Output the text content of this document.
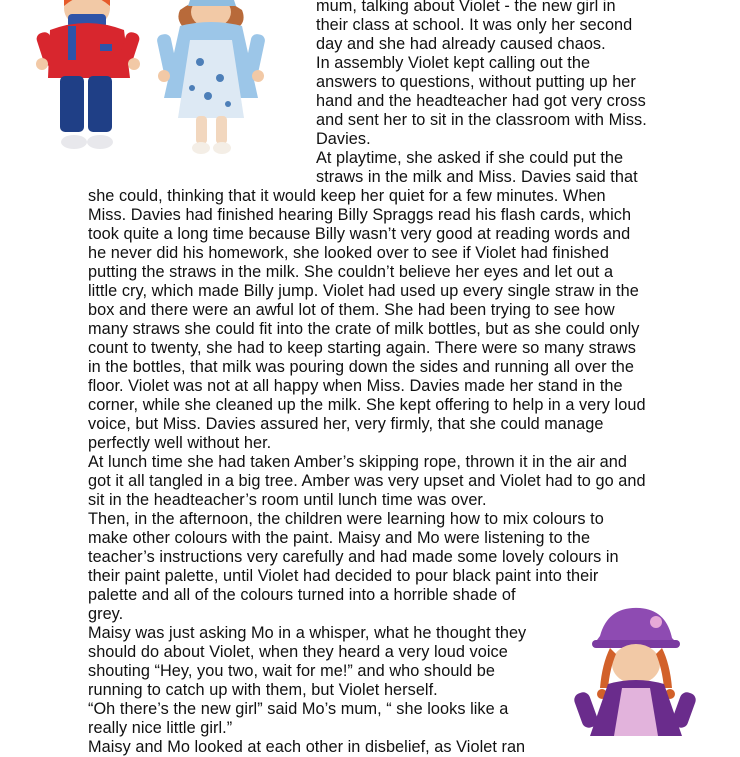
mum, talking about Violet - the new girl in
their class at school. It was only her second
day and she had already caused chaos.
In assembly Violet kept calling out the
answers to questions, without putting up her
hand and the headteacher had got very cross
and sent her to sit in the classroom with Miss.
Davies.
At playtime, she asked if she could put the
straws in the milk and Miss. Davies said that
she could, thinking that it would keep her quiet for a few minutes. When
Miss. Davies had finished hearing Billy Spraggs read his flash cards, which
took quite a long time because Billy wasn’t very good at reading words and
he never did his homework, she looked over to see if Violet had finished
putting the straws in the milk. She couldn’t believe her eyes and let out a
little cry, which made Billy jump. Violet had used up every single straw in the
box and there were an awful lot of them. She had been trying to see how
many straws she could fit into the crate of milk bottles, but as she could only
count to twenty, she had to keep starting again. There were so many straws
in the bottles, that milk was pouring down the sides and running all over the
floor. Violet was not at all happy when Miss. Davies made her stand in the
corner, while she cleaned up the milk. She kept offering to help in a very loud
voice, but Miss. Davies assured her, very firmly, that she could manage
perfectly well without her.
At lunch time she had taken Amber’s skipping rope, thrown it in the air and
got it all tangled in a big tree. Amber was very upset and Violet had to go and
sit in the headteacher’s room until lunch time was over.
Then, in the afternoon, the children were learning how to mix colours to
make other colours with the paint. Maisy and Mo were listening to the
teacher’s instructions very carefully and had made some lovely colours in
their paint palette, until Violet had decided to pour black paint into their
palette and all of the colours turned into a horrible shade of
grey.
Maisy was just asking Mo in a whisper, what he thought they
should do about Violet, when they heard a very loud voice
shouting “Hey, you two, wait for me!” and who should be
running to catch up with them, but Violet herself.
“Oh there’s the new girl” said Mo’s mum, “ she looks like a
really nice little girl.”
Maisy and Mo looked at each other in disbelief, as Violet ran
